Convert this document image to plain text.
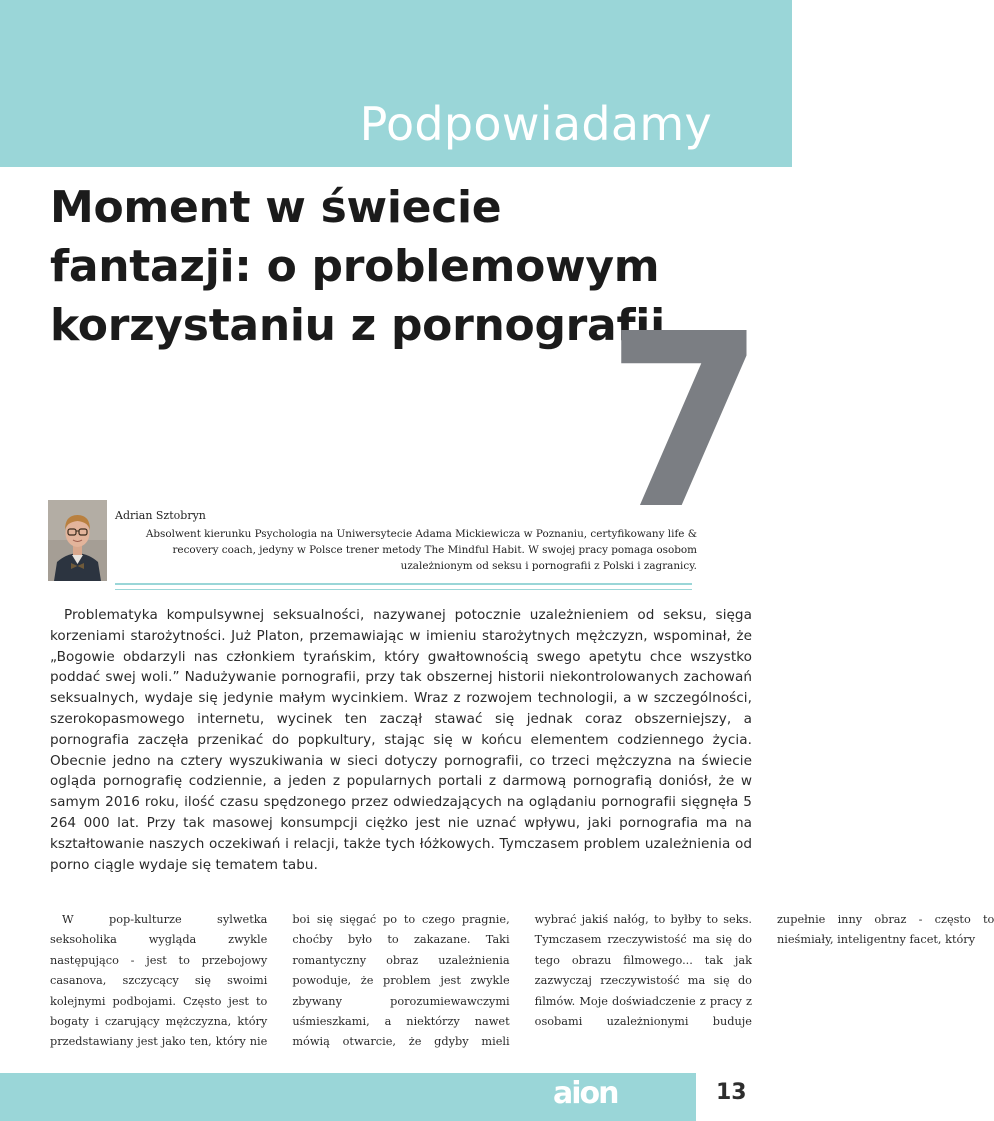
Podpowiadamy
Moment w świecie
fantazji: o problemowym
korzystaniu z pornografii
7
Adrian Sztobryn

Absolwent kierunku Psychologia na Uniwersytecie Adama Mickiewicza w Poznaniu, certyfikowany life & recovery coach, jedyny w Polsce trener metody The Mindful Habit. W swojej pracy pomaga osobom uzależnionym od seksu i pornografii z Polski i zagranicy.

Problematyka kompulsywnej seksualności, nazywanej potocznie uzależnieniem od seksu, sięga korzeniami starożytności. Już Platon, przemawiając w imieniu starożytnych mężczyzn, wspominał, że „Bogowie obdarzyli nas członkiem tyrańskim, który gwałtownością swego apetytu chce wszystko poddać swej woli.” Nadużywanie pornografii, przy tak obszernej historii niekontrolowanych zachowań seksualnych, wydaje się jedynie małym wycinkiem. Wraz z rozwojem technologii, a w szczególności, szerokopasmowego internetu, wycinek ten zaczął stawać się jednak coraz obszerniejszy, a pornografia zaczęła przenikać do popkultury, stając się w końcu elementem codziennego życia. Obecnie jedno na cztery wyszukiwania w sieci dotyczy pornografii, co trzeci mężczyzna na świecie ogląda pornografię codziennie, a jeden z popularnych portali z darmową pornografią doniósł, że w samym 2016 roku, ilość czasu spędzonego przez odwiedzających na oglądaniu pornografii sięgnęła 5 264 000 lat. Przy tak masowej konsumpcji ciężko jest nie uznać wpływu, jaki pornografia ma na kształtowanie naszych oczekiwań i relacji, także tych łóżkowych. Tymczasem problem uzależnienia od porno ciągle wydaje się tematem tabu.

W pop-kulturze sylwetka seksoholika wygląda zwykle następująco - jest to przebojowy casanova, szczycący się swoimi kolejnymi podbojami. Często jest to bogaty i czarujący mężczyzna, który przedstawiany jest jako ten, który nie boi się sięgać po to czego pragnie, choćby było to zakazane. Taki romantyczny obraz uzależnienia powoduje, że problem jest zwykle zbywany porozumiewawczymi uśmieszkami, a niektórzy nawet mówią otwarcie, że gdyby mieli wybrać jakiś nałóg, to byłby to seks. Tymczasem rzeczywistość ma się do tego obrazu filmowego... tak jak zazwyczaj rzeczywistość ma się do filmów. Moje doświadczenie z pracy z osobami uzależnionymi buduje zupełnie inny obraz - często to nieśmiały, inteligentny facet, który

aion	13
